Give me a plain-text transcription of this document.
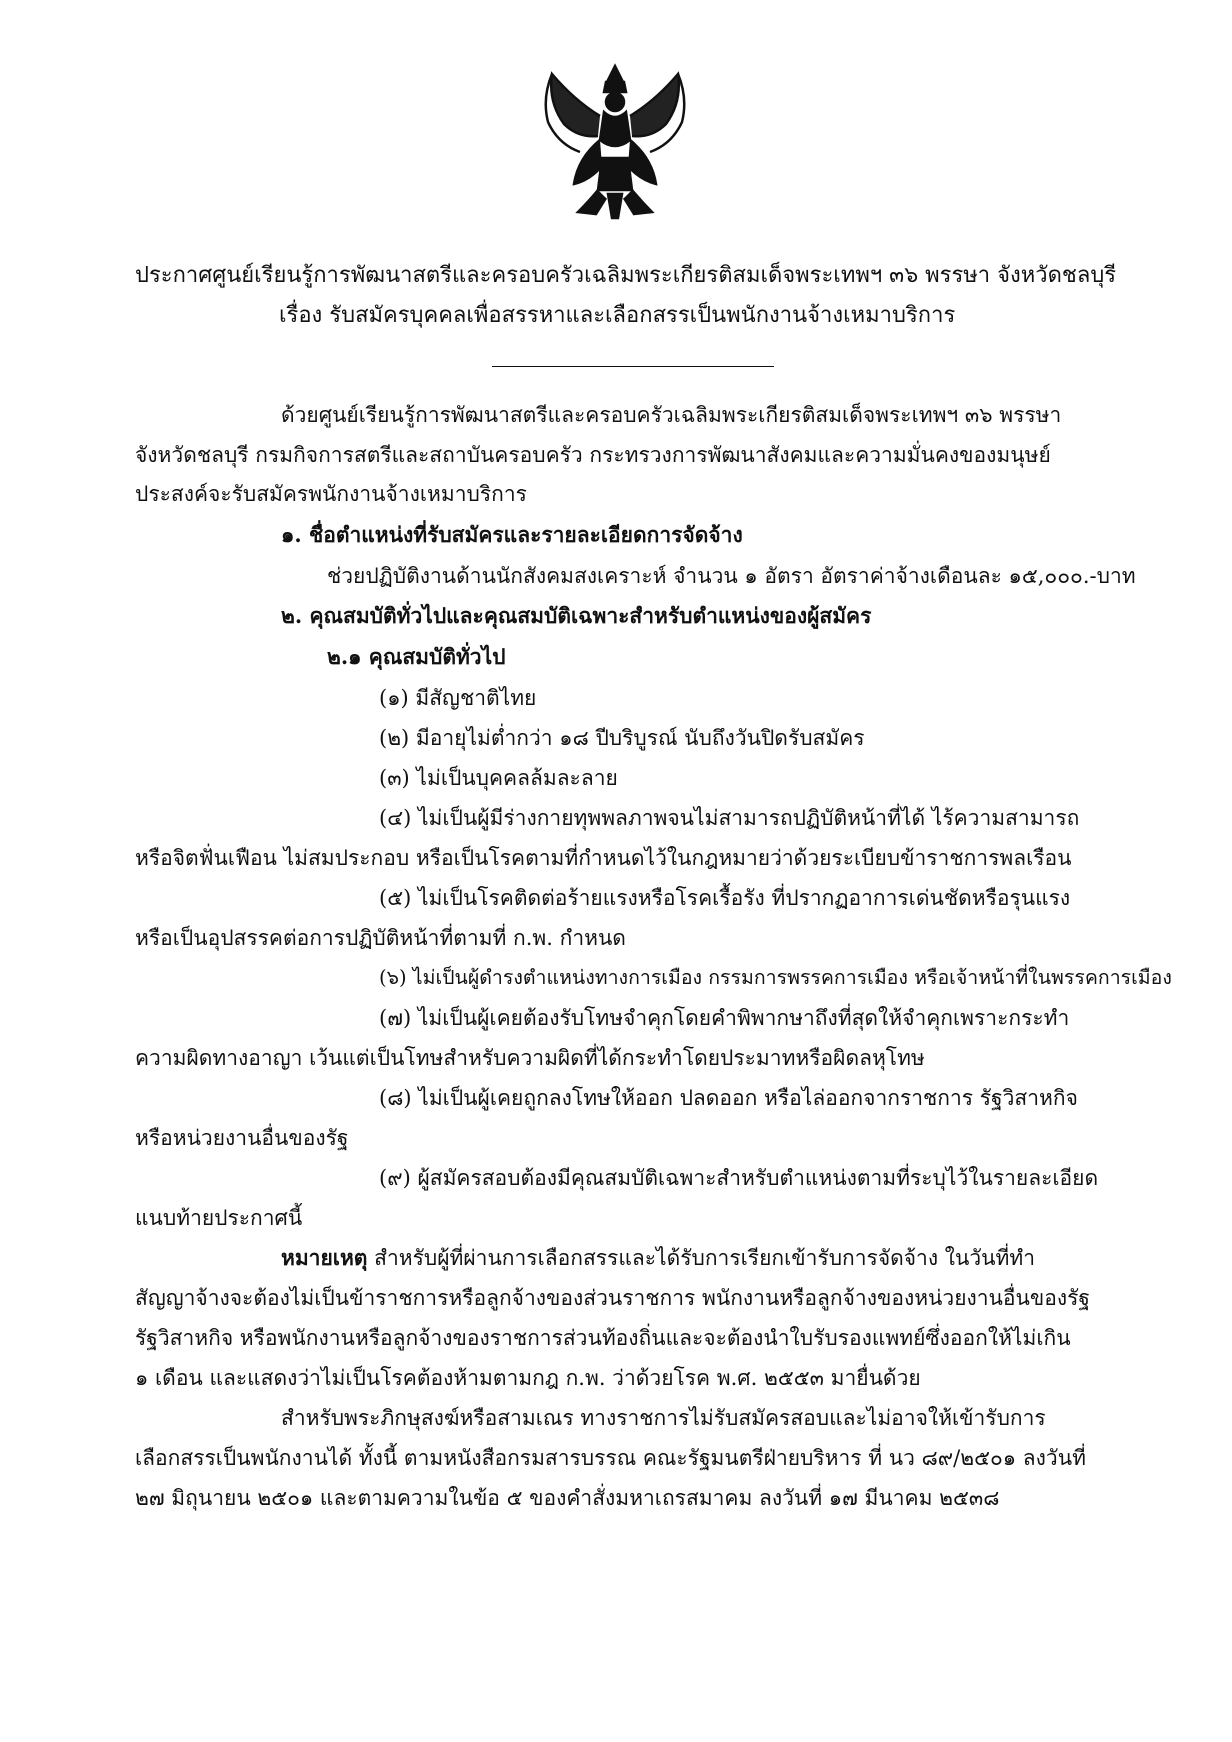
ประกาศศูนย์เรียนรู้การพัฒนาสตรีและครอบครัวเฉลิมพระเกียรติสมเด็จพระเทพฯ ๓๖ พรรษา จังหวัดชลบุรี
เรื่อง รับสมัครบุคคลเพื่อสรรหาและเลือกสรรเป็นพนักงานจ้างเหมาบริการ
ด้วยศูนย์เรียนรู้การพัฒนาสตรีและครอบครัวเฉลิมพระเกียรติสมเด็จพระเทพฯ ๓๖ พรรษา
จังหวัดชลบุรี กรมกิจการสตรีและสถาบันครอบครัว กระทรวงการพัฒนาสังคมและความมั่นคงของมนุษย์
ประสงค์จะรับสมัครพนักงานจ้างเหมาบริการ
๑. ชื่อตำแหน่งที่รับสมัครและรายละเอียดการจัดจ้าง
ช่วยปฏิบัติงานด้านนักสังคมสงเคราะห์ จำนวน ๑ อัตรา อัตราค่าจ้างเดือนละ ๑๕,๐๐๐.-บาท
๒. คุณสมบัติทั่วไปและคุณสมบัติเฉพาะสำหรับตำแหน่งของผู้สมัคร
๒.๑ คุณสมบัติทั่วไป
(๑) มีสัญชาติไทย
(๒) มีอายุไม่ต่ำกว่า ๑๘ ปีบริบูรณ์ นับถึงวันปิดรับสมัคร
(๓) ไม่เป็นบุคคลล้มละลาย
(๔) ไม่เป็นผู้มีร่างกายทุพพลภาพจนไม่สามารถปฏิบัติหน้าที่ได้ ไร้ความสามารถ
หรือจิตฟั่นเฟือน ไม่สมประกอบ หรือเป็นโรคตามที่กำหนดไว้ในกฎหมายว่าด้วยระเบียบข้าราชการพลเรือน
(๕) ไม่เป็นโรคติดต่อร้ายแรงหรือโรคเรื้อรัง ที่ปรากฏอาการเด่นชัดหรือรุนแรง
หรือเป็นอุปสรรคต่อการปฏิบัติหน้าที่ตามที่ ก.พ. กำหนด
(๖) ไม่เป็นผู้ดำรงตำแหน่งทางการเมือง กรรมการพรรคการเมือง หรือเจ้าหน้าที่ในพรรคการเมือง
(๗) ไม่เป็นผู้เคยต้องรับโทษจำคุกโดยคำพิพากษาถึงที่สุดให้จำคุกเพราะกระทำ
ความผิดทางอาญา เว้นแต่เป็นโทษสำหรับความผิดที่ได้กระทำโดยประมาทหรือผิดลหุโทษ
(๘) ไม่เป็นผู้เคยถูกลงโทษให้ออก ปลดออก หรือไล่ออกจากราชการ รัฐวิสาหกิจ
หรือหน่วยงานอื่นของรัฐ
(๙) ผู้สมัครสอบต้องมีคุณสมบัติเฉพาะสำหรับตำแหน่งตามที่ระบุไว้ในรายละเอียด
แนบท้ายประกาศนี้
หมายเหตุ สำหรับผู้ที่ผ่านการเลือกสรรและได้รับการเรียกเข้ารับการจัดจ้าง ในวันที่ทำ
สัญญาจ้างจะต้องไม่เป็นข้าราชการหรือลูกจ้างของส่วนราชการ พนักงานหรือลูกจ้างของหน่วยงานอื่นของรัฐ
รัฐวิสาหกิจ หรือพนักงานหรือลูกจ้างของราชการส่วนท้องถิ่นและจะต้องนำใบรับรองแพทย์ซึ่งออกให้ไม่เกิน
๑ เดือน และแสดงว่าไม่เป็นโรคต้องห้ามตามกฎ ก.พ. ว่าด้วยโรค พ.ศ. ๒๕๕๓ มายื่นด้วย
สำหรับพระภิกษุสงฆ์หรือสามเณร ทางราชการไม่รับสมัครสอบและไม่อาจให้เข้ารับการ
เลือกสรรเป็นพนักงานได้ ทั้งนี้ ตามหนังสือกรมสารบรรณ คณะรัฐมนตรีฝ่ายบริหาร ที่ นว ๘๙/๒๕๐๑ ลงวันที่
๒๗ มิถุนายน ๒๕๐๑ และตามความในข้อ ๕ ของคำสั่งมหาเถรสมาคม ลงวันที่ ๑๗ มีนาคม ๒๕๓๘
